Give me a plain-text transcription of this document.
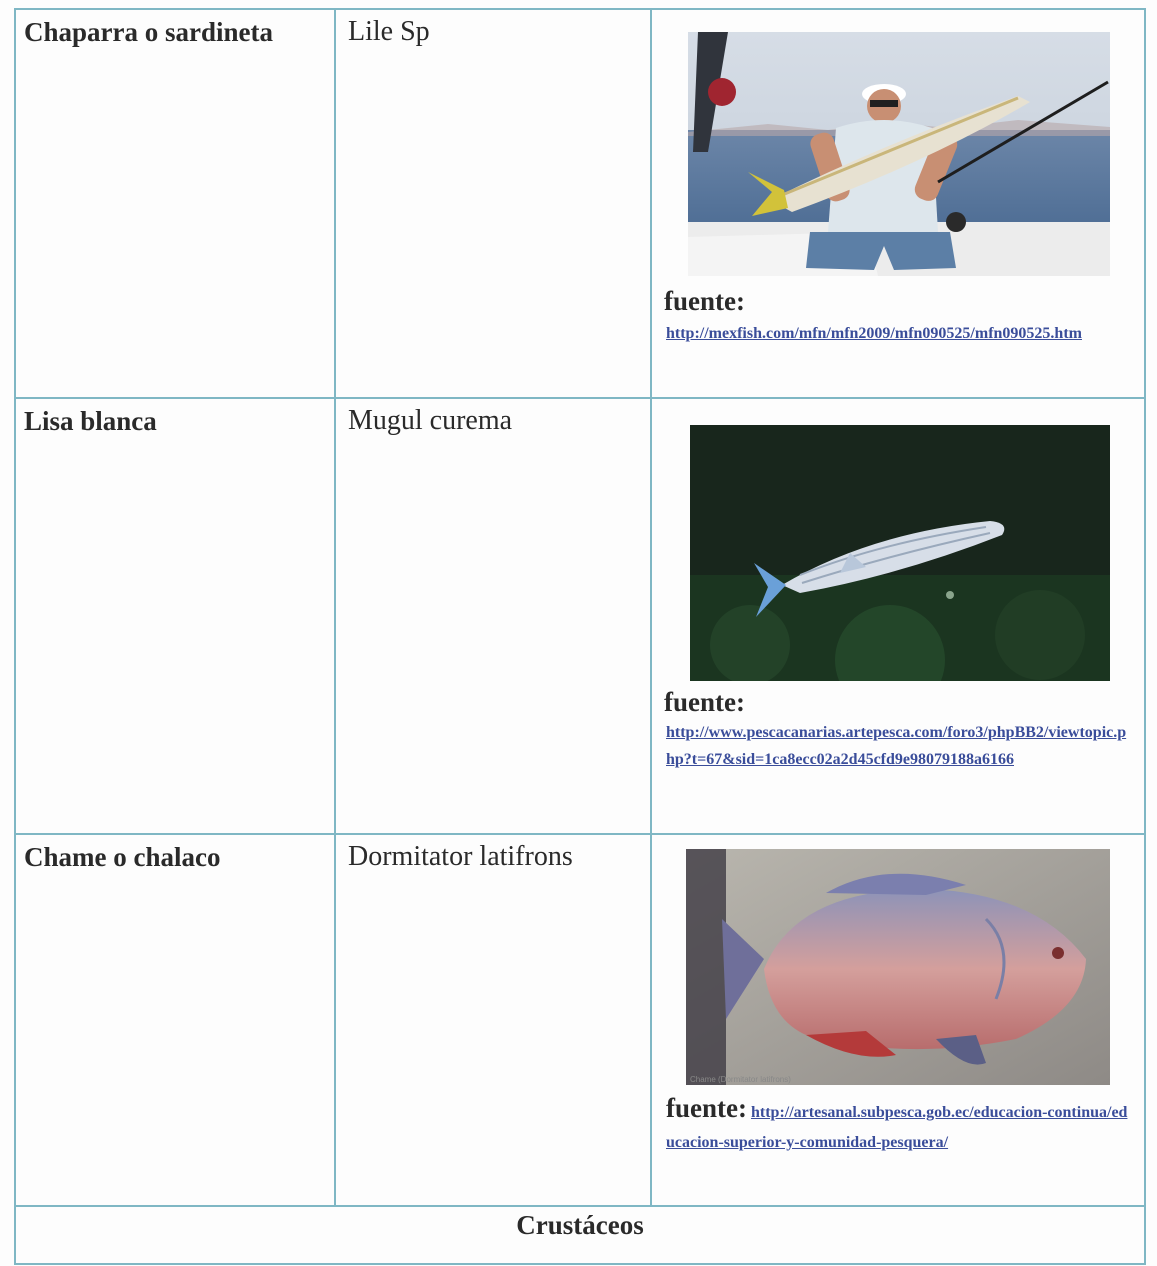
Chaparra o sardineta	Lile Sp	fuente:
http://mexfish.com/mfn/mfn2009/mfn090525/mfn090525.htm

Lisa blanca	Mugul curema	fuente:
http://www.pescacanarias.artepesca.com/foro3/phpBB2/viewtopic.php?t=67&sid=1ca8ecc02a2d45cfd9e98079188a6166

Chame o chalaco	Dormitator latifrons	Chame (Dormitator latifrons)
fuente: http://artesanal.subpesca.gob.ec/educacion-continua/educacion-superior-y-comunidad-pesquera/

Crustáceos		
